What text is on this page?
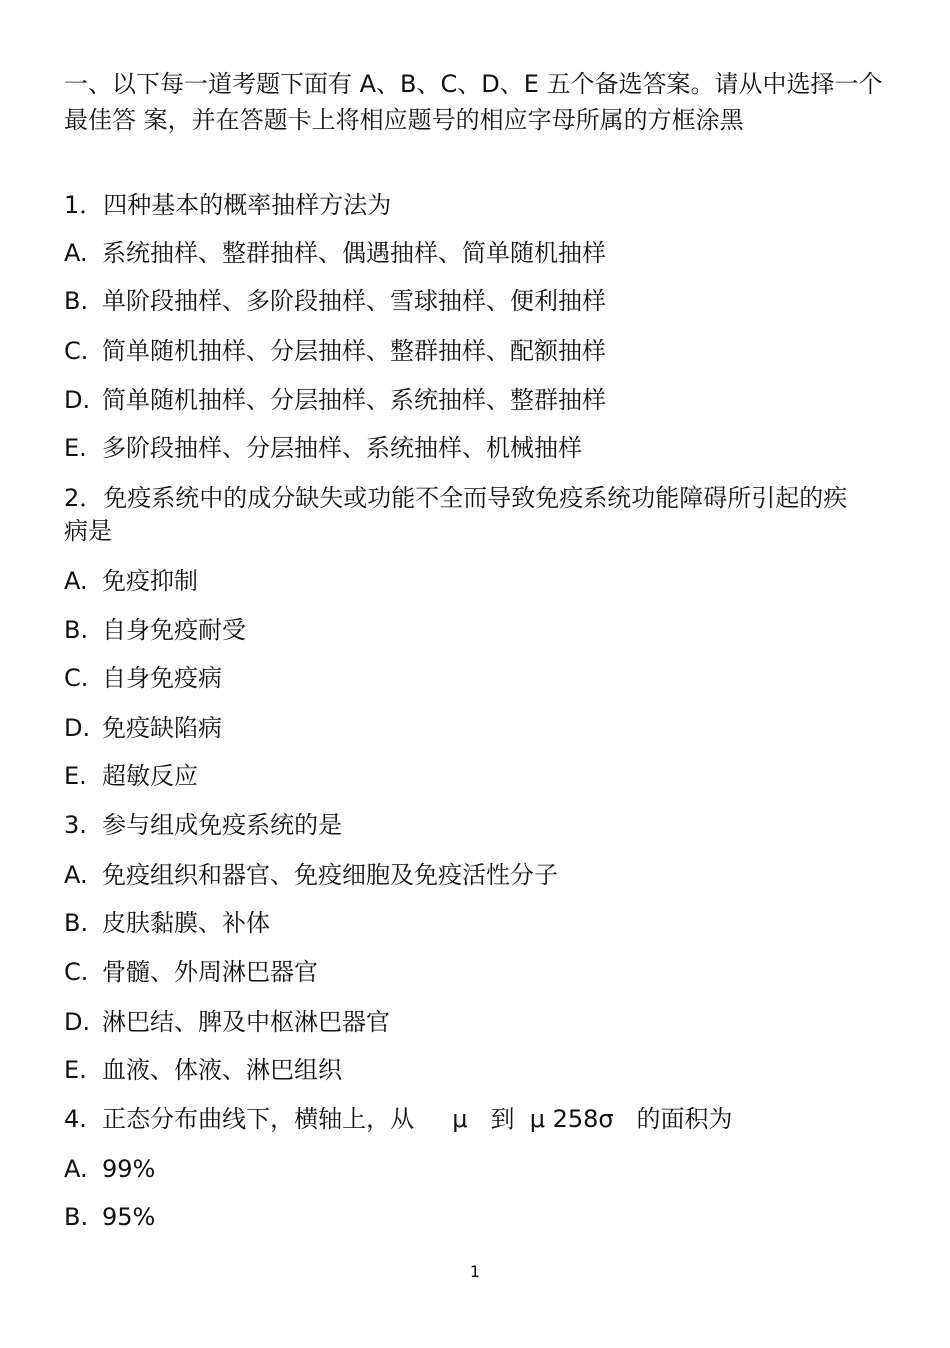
一、以下每一道考题下面有 A、B、C、D、E 五个备选答案。请从中选择一个最佳答 案，并在答题卡上将相应题号的相应字母所属的方框涂黑
1．四种基本的概率抽样方法为
A. 系统抽样、整群抽样、偶遇抽样、简单随机抽样
B. 单阶段抽样、多阶段抽样、雪球抽样、便利抽样
C. 简单随机抽样、分层抽样、整群抽样、配额抽样
D. 简单随机抽样、分层抽样、系统抽样、整群抽样
E. 多阶段抽样、分层抽样、系统抽样、机械抽样
2．免疫系统中的成分缺失或功能不全而导致免疫系统功能障碍所引起的疾病是
A. 免疫抑制
B. 自身免疫耐受
C. 自身免疫病
D. 免疫缺陷病
E. 超敏反应
3.  参与组成免疫系统的是
A. 免疫组织和器官、免疫细胞及免疫活性分子
B. 皮肤黏膜、补体
C. 骨髓、外周淋巴器官
D. 淋巴结、脾及中枢淋巴器官
E. 血液、体液、淋巴组织
4.  正态分布曲线下，横轴上，从     μ   到  μ 258σ   的面积为
A. 99%
B. 95%
1
